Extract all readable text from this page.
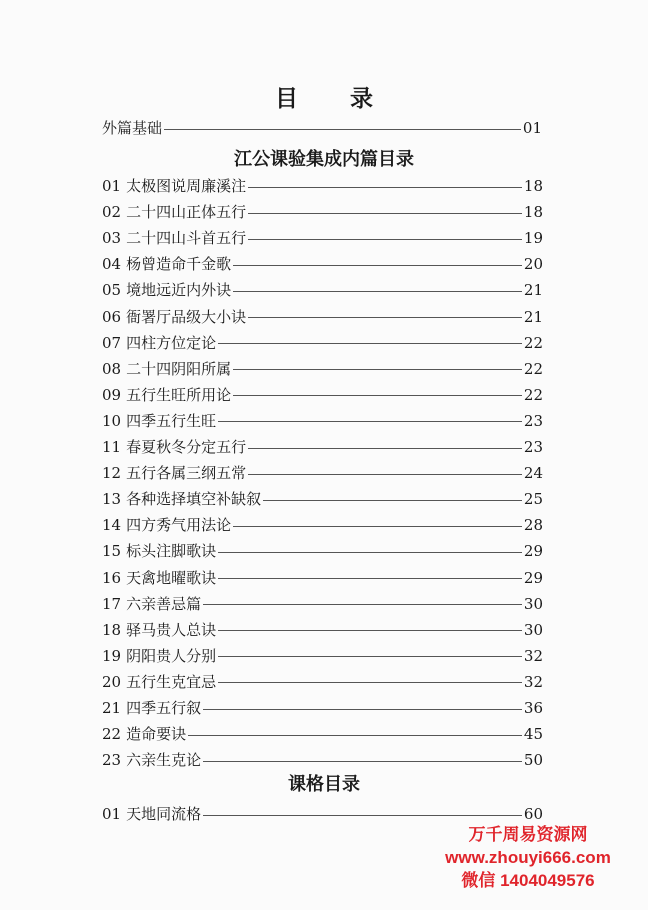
目 录
外篇基础	01
江公课验集成内篇目录
01 太极图说周廉溪注	18
02 二十四山正体五行	18
03 二十四山斗首五行	19
04 杨曾造命千金歌	20
05 境地远近内外诀	21
06 衙署厅品级大小诀	21
07 四柱方位定论	22
08 二十四阴阳所属	22
09 五行生旺所用论	22
10 四季五行生旺	23
11 春夏秋冬分定五行	23
12 五行各属三纲五常	24
13 各种选择填空补缺叙	25
14 四方秀气用法论	28
15 标头注脚歌诀	29
16 天禽地曜歌诀	29
17 六亲善忌篇	30
18 驿马贵人总诀	30
19 阴阳贵人分别	32
20 五行生克宜忌	32
21 四季五行叙	36
22 造命要诀	45
23 六亲生克论	50
课格目录
01 天地同流格	60
万千周易资源网
www.zhouyi666.com
微信 1404049576
